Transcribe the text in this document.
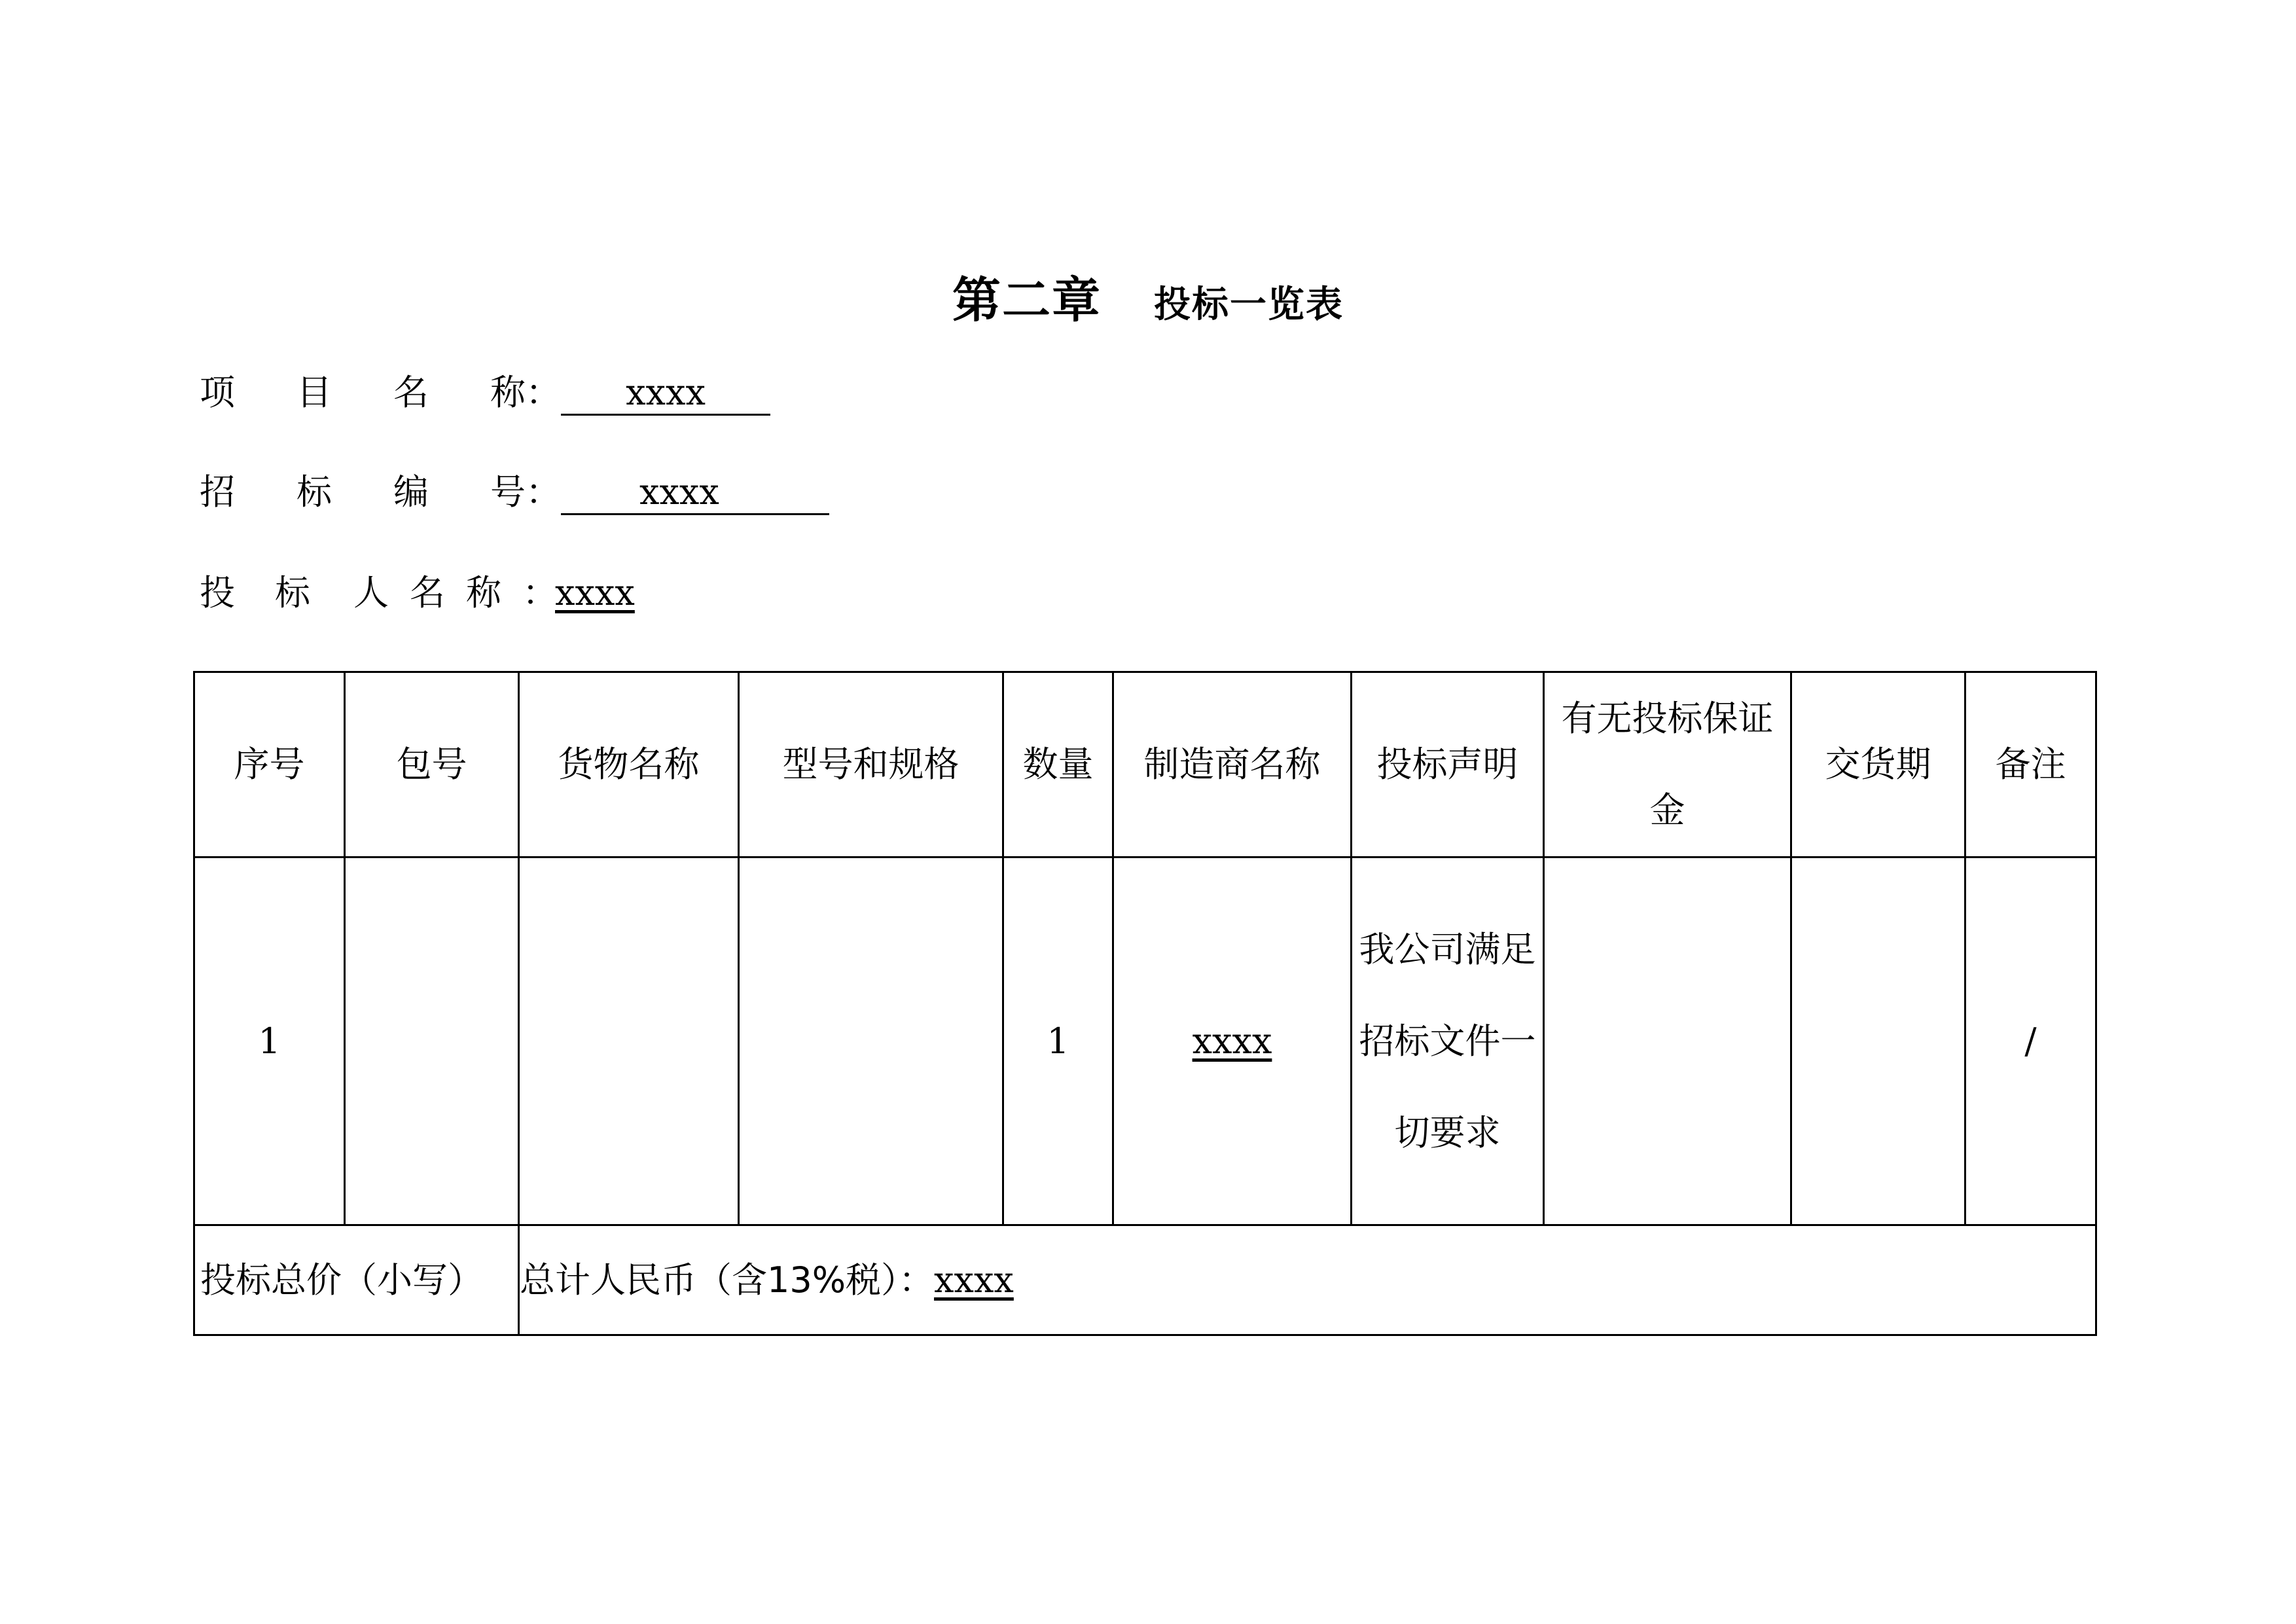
第二章 投标一览表
项 目 名 称： xxxx
招 标 编 号： xxxx
投 标 人 名 称 ：xxxx
序号	包号	货物名称	型号和规格	数量	制造商名称	投标声明	有无投标保证金	交货期	备注
1				1	xxxx	我公司满足招标文件一切要求			/
投标总价（小写）		总计人民币（含13%税）：xxxx							
